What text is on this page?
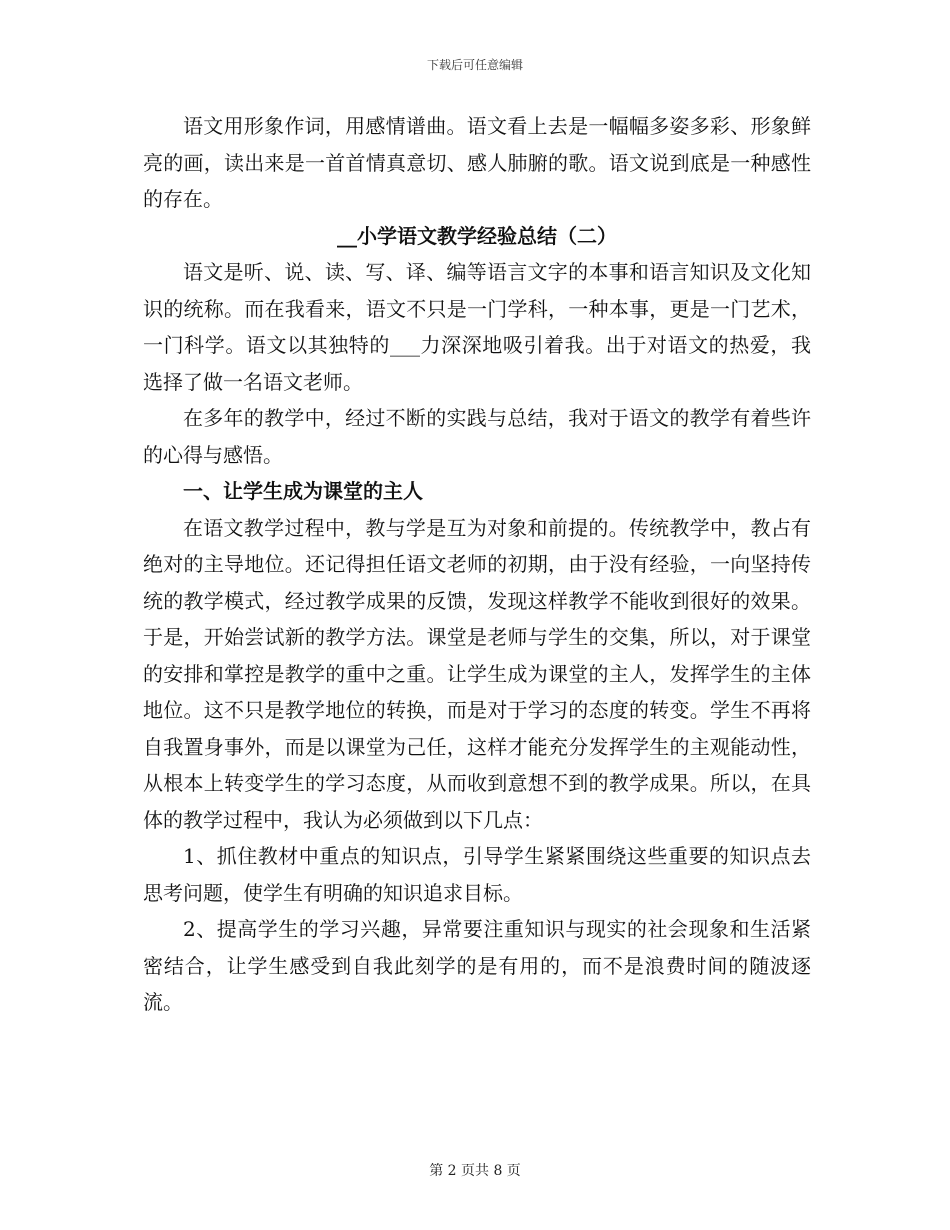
下载后可任意编辑

语文用形象作词，用感情谱曲。语文看上去是一幅幅多姿多彩、形象鲜亮的画，读出来是一首首情真意切、感人肺腑的歌。语文说到底是一种感性的存在。

__小学语文教学经验总结（二）

语文是听、说、读、写、译、编等语言文字的本事和语言知识及文化知识的统称。而在我看来，语文不只是一门学科，一种本事，更是一门艺术，一门科学。语文以其独特的___力深深地吸引着我。出于对语文的热爱，我选择了做一名语文老师。

在多年的教学中，经过不断的实践与总结，我对于语文的教学有着些许的心得与感悟。

一、让学生成为课堂的主人

在语文教学过程中，教与学是互为对象和前提的。传统教学中，教占有绝对的主导地位。还记得担任语文老师的初期，由于没有经验，一向坚持传统的教学模式，经过教学成果的反馈，发现这样教学不能收到很好的效果。于是，开始尝试新的教学方法。课堂是老师与学生的交集，所以，对于课堂的安排和掌控是教学的重中之重。让学生成为课堂的主人，发挥学生的主体地位。这不只是教学地位的转换，而是对于学习的态度的转变。学生不再将自我置身事外，而是以课堂为己任，这样才能充分发挥学生的主观能动性，从根本上转变学生的学习态度，从而收到意想不到的教学成果。所以，在具体的教学过程中，我认为必须做到以下几点：

1、抓住教材中重点的知识点，引导学生紧紧围绕这些重要的知识点去思考问题，使学生有明确的知识追求目标。

2、提高学生的学习兴趣，异常要注重知识与现实的社会现象和生活紧密结合，让学生感受到自我此刻学的是有用的，而不是浪费时间的随波逐流。

第 2 页共 8 页
